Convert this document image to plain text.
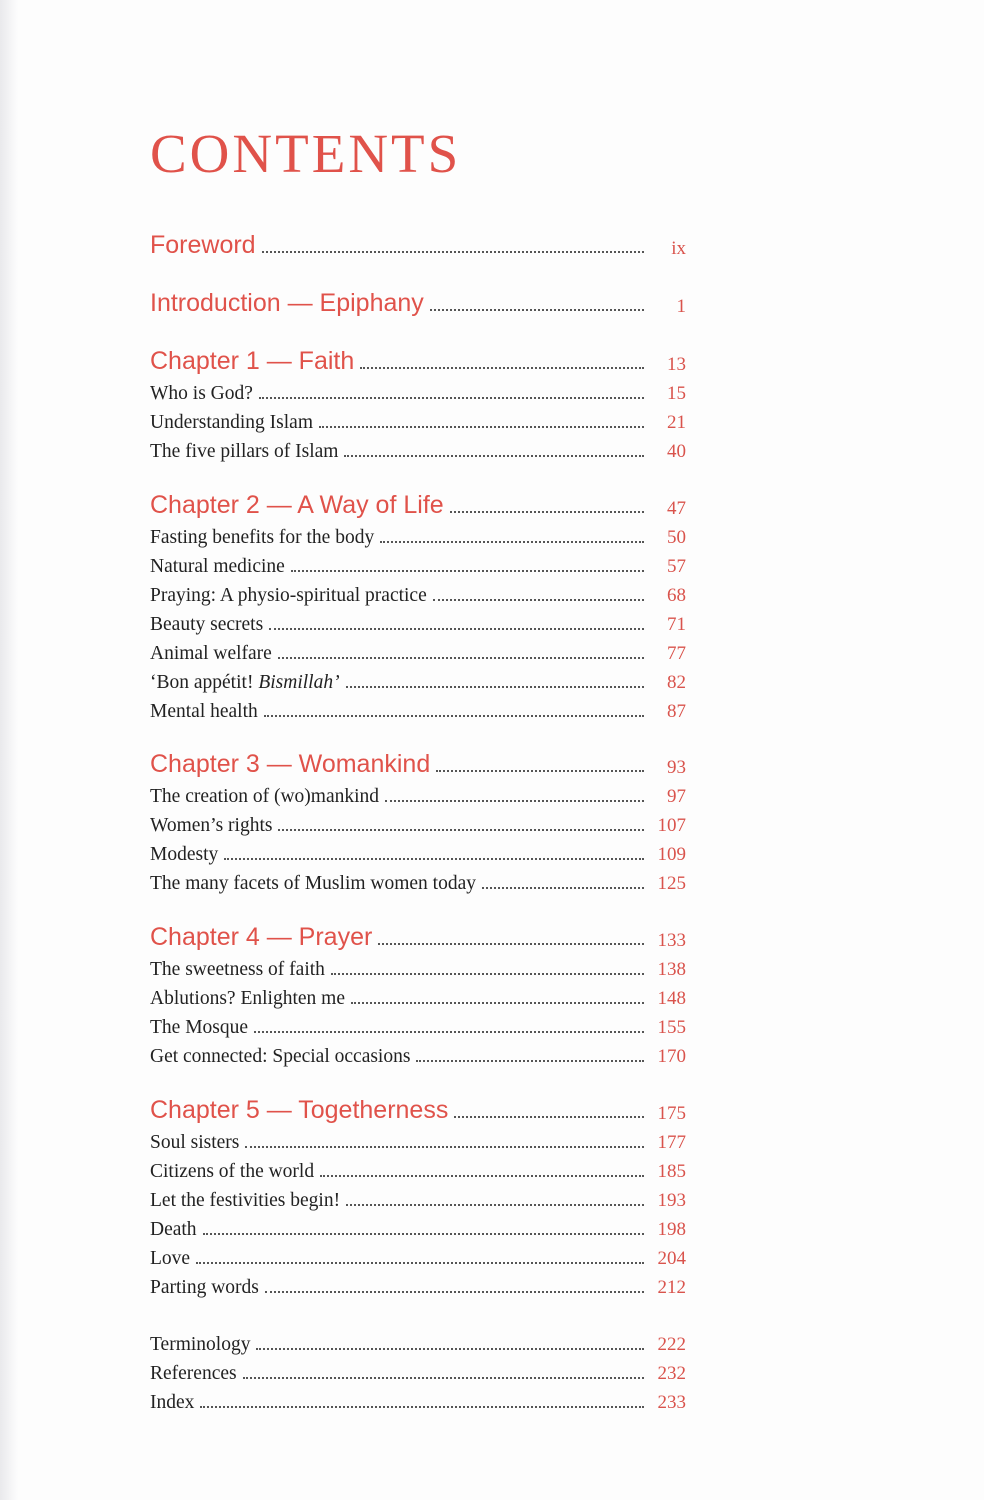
CONTENTS
Foreword	ix
Introduction — Epiphany	1
Chapter 1 — Faith	13
Who is God?	15
Understanding Islam	21
The five pillars of Islam	40
Chapter 2 — A Way of Life	47
Fasting benefits for the body	50
Natural medicine	57
Praying: A physio-spiritual practice	68
Beauty secrets	71
Animal welfare	77
‘Bon appétit! Bismillah’	82
Mental health	87
Chapter 3 — Womankind	93
The creation of (wo)mankind	97
Women’s rights	107
Modesty	109
The many facets of Muslim women today	125
Chapter 4 — Prayer	133
The sweetness of faith	138
Ablutions? Enlighten me	148
The Mosque	155
Get connected: Special occasions	170
Chapter 5 — Togetherness	175
Soul sisters	177
Citizens of the world	185
Let the festivities begin!	193
Death	198
Love	204
Parting words	212
Terminology	222
References	232
Index	233
